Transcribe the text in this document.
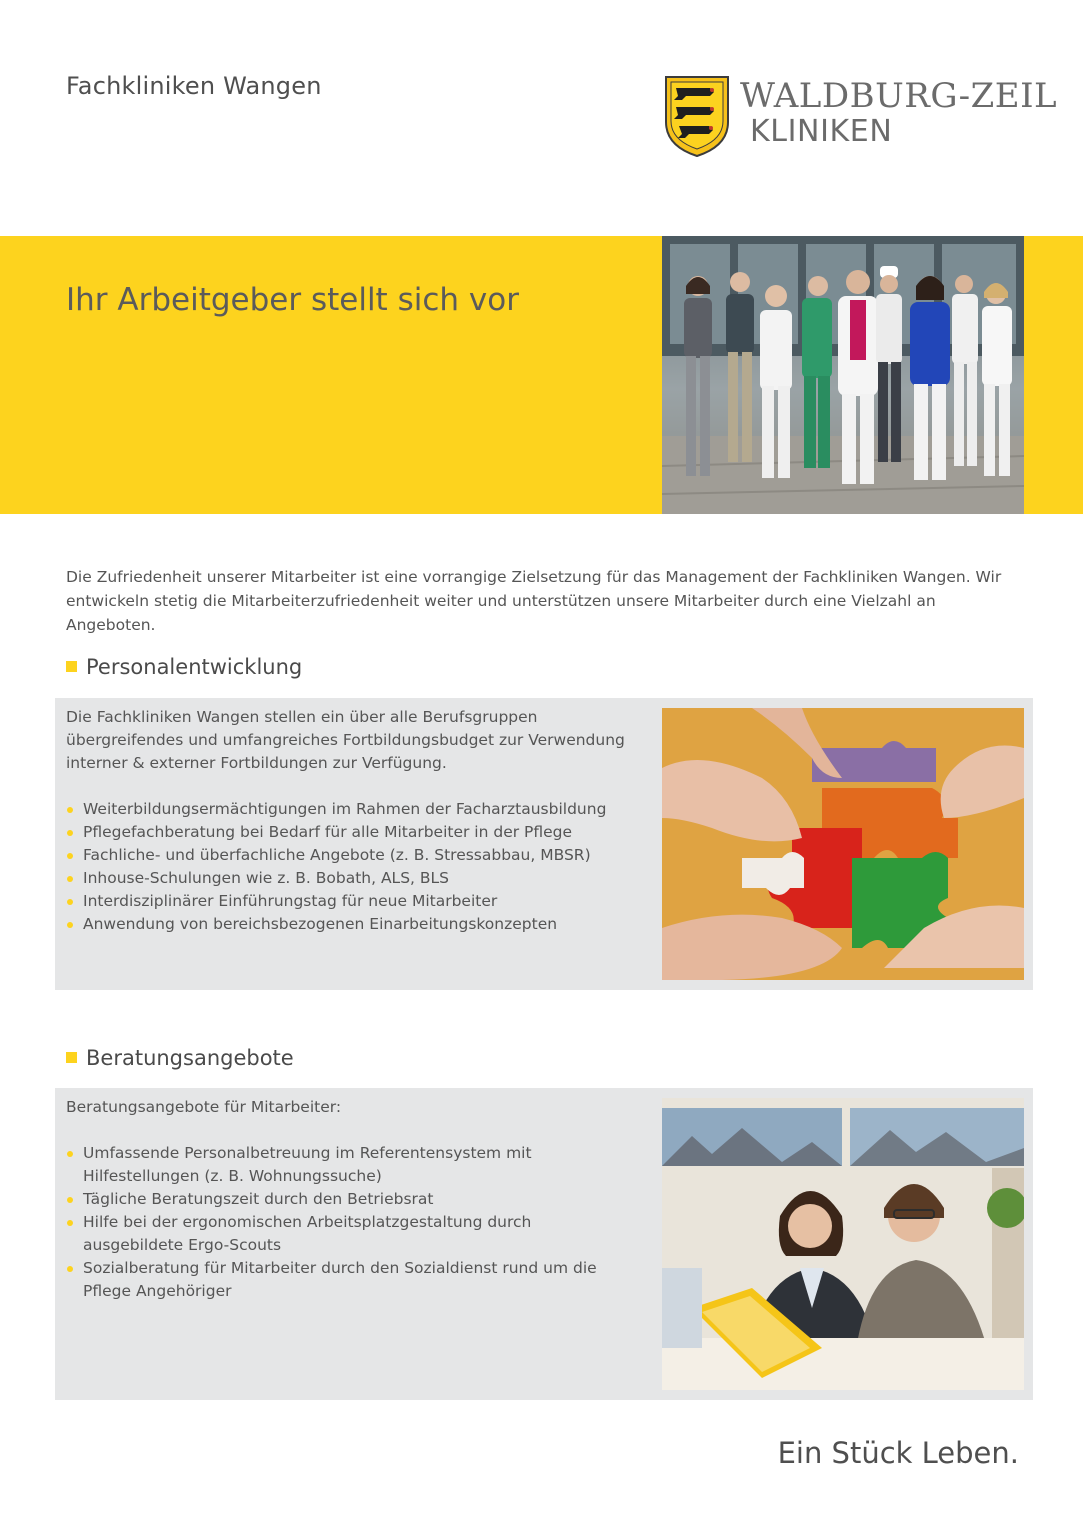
Fachkliniken Wangen	WALDBURG-ZEIL
KLINIKEN
Ihr Arbeitgeber stellt sich vor
Die Zufriedenheit unserer Mitarbeiter ist eine vorrangige Zielsetzung für das Management der Fachkliniken Wangen. Wir entwickeln stetig die Mitarbeiterzufriedenheit weiter und unterstützen unsere Mitarbeiter durch eine Vielzahl an Angeboten.
Personalentwicklung

Die Fachkliniken Wangen stellen ein über alle Berufsgruppen übergreifendes und umfangreiches Fortbildungsbudget zur Verwendung interner & externer Fortbildungen zur Verfügung.

Weiterbildungsermächtigungen im Rahmen der Facharztausbildung
Pflegefachberatung bei Bedarf für alle Mitarbeiter in der Pflege
Fachliche- und überfachliche Angebote (z. B. Stressabbau, MBSR)
Inhouse-Schulungen wie z. B. Bobath, ALS, BLS
Interdisziplinärer Einführungstag für neue Mitarbeiter
Anwendung von bereichsbezogenen Einarbeitungskonzepten
Beratungsangebote

Beratungsangebote für Mitarbeiter:

Umfassende Personalbetreuung im Referentensystem mit Hilfestellungen (z. B. Wohnungssuche)
Tägliche Beratungszeit durch den Betriebsrat
Hilfe bei der ergonomischen Arbeitsplatzgestaltung durch ausgebildete Ergo-Scouts
Sozialberatung für Mitarbeiter durch den Sozialdienst rund um die Pflege Angehöriger
Ein Stück Leben.
